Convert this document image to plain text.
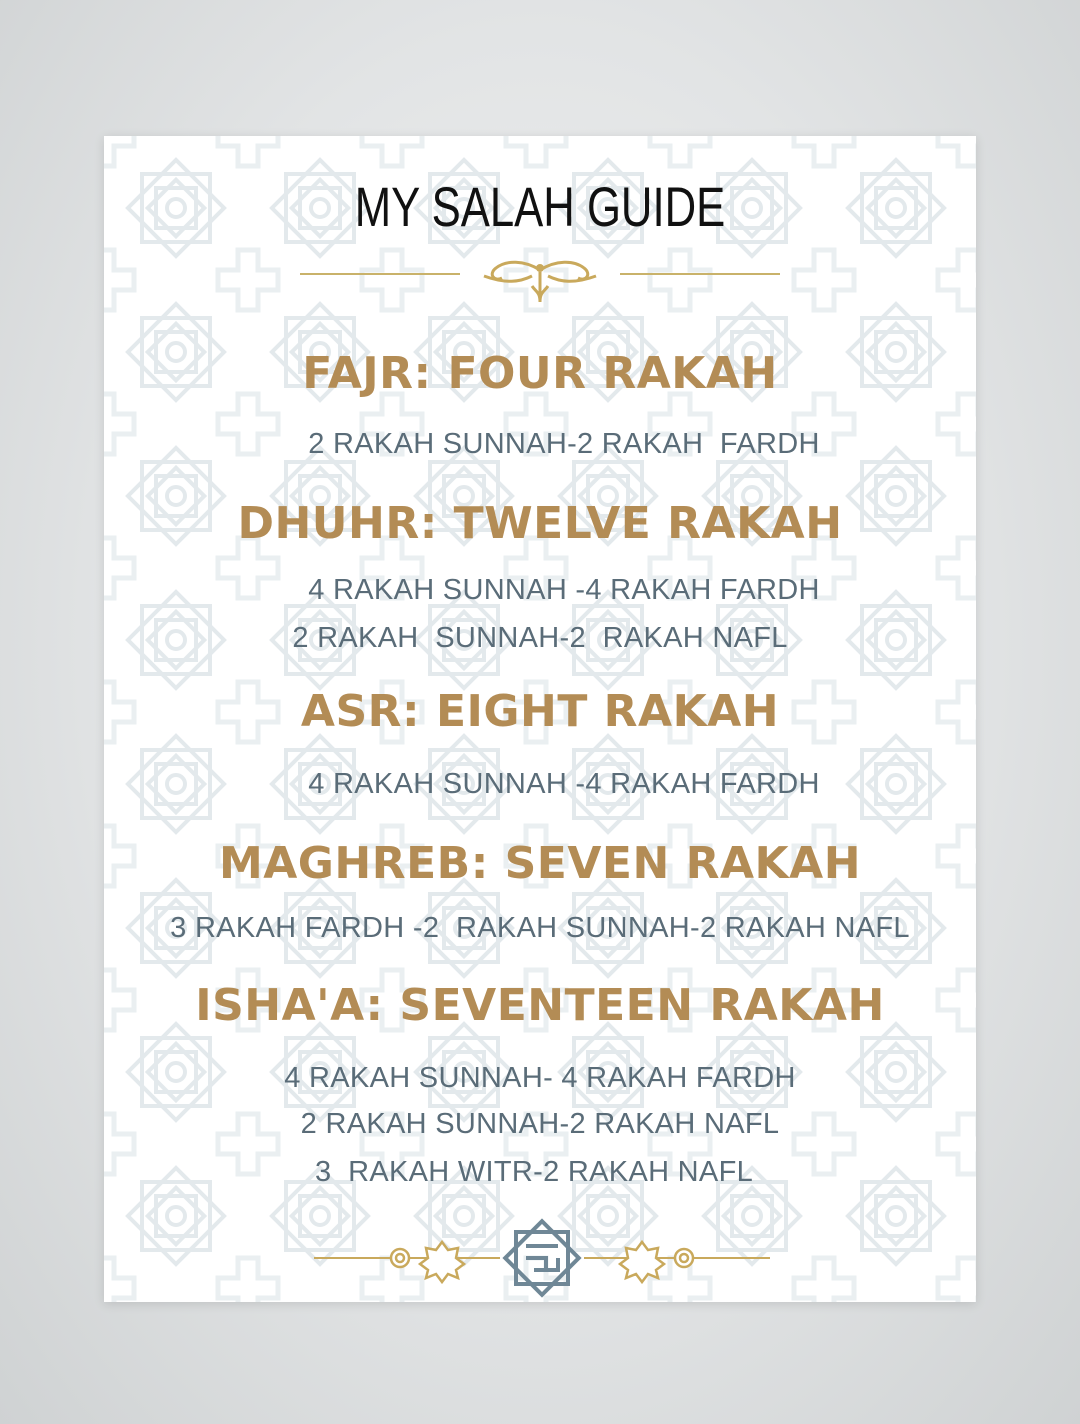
MY SALAH GUIDE
FAJR: FOUR RAKAH
2 RAKAH SUNNAH-2 RAKAH  FARDH
DHUHR: TWELVE RAKAH
4 RAKAH SUNNAH -4 RAKAH FARDH
2 RAKAH  SUNNAH-2  RAKAH NAFL
ASR: EIGHT RAKAH
4 RAKAH SUNNAH -4 RAKAH FARDH
MAGHREB: SEVEN RAKAH
3 RAKAH FARDH -2  RAKAH SUNNAH-2 RAKAH NAFL
ISHA'A: SEVENTEEN RAKAH
4 RAKAH SUNNAH- 4 RAKAH FARDH
2 RAKAH SUNNAH-2 RAKAH NAFL
3  RAKAH WITR-2 RAKAH NAFL
